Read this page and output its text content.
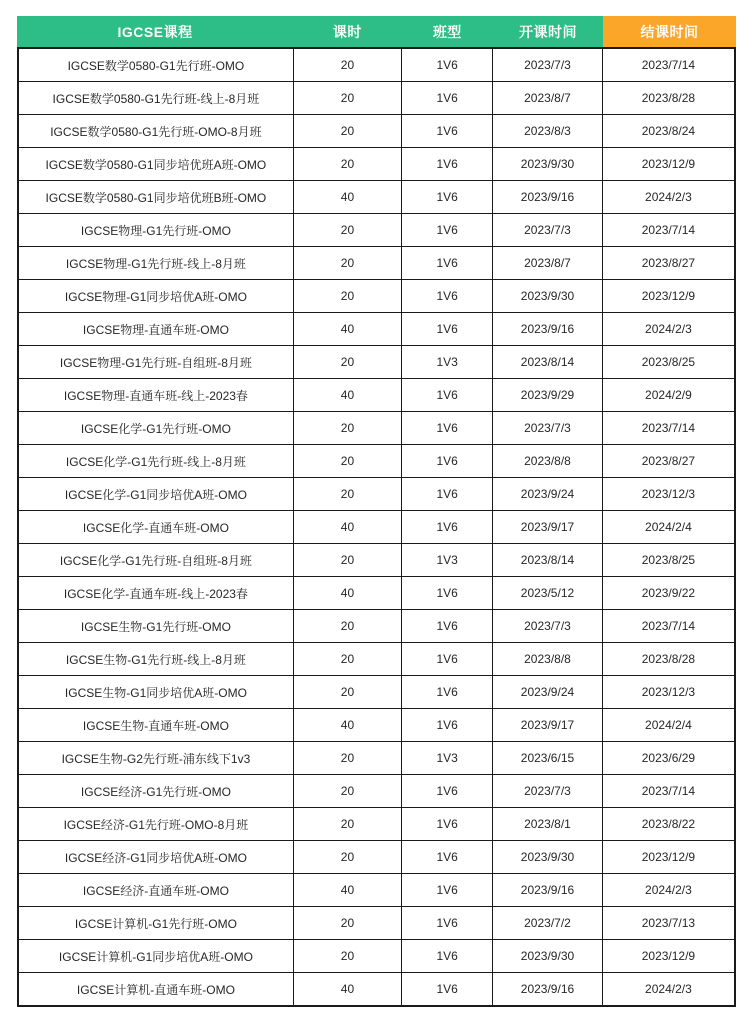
IGCSE课程	课时	班型	开课时间	结课时间
IGCSE数学0580-G1先行班-OMO	20	1V6	2023/7/3	2023/7/14
IGCSE数学0580-G1先行班-线上-8月班	20	1V6	2023/8/7	2023/8/28
IGCSE数学0580-G1先行班-OMO-8月班	20	1V6	2023/8/3	2023/8/24
IGCSE数学0580-G1同步培优班A班-OMO	20	1V6	2023/9/30	2023/12/9
IGCSE数学0580-G1同步培优班B班-OMO	40	1V6	2023/9/16	2024/2/3
IGCSE物理-G1先行班-OMO	20	1V6	2023/7/3	2023/7/14
IGCSE物理-G1先行班-线上-8月班	20	1V6	2023/8/7	2023/8/27
IGCSE物理-G1同步培优A班-OMO	20	1V6	2023/9/30	2023/12/9
IGCSE物理-直通车班-OMO	40	1V6	2023/9/16	2024/2/3
IGCSE物理-G1先行班-自组班-8月班	20	1V3	2023/8/14	2023/8/25
IGCSE物理-直通车班-线上-2023春	40	1V6	2023/9/29	2024/2/9
IGCSE化学-G1先行班-OMO	20	1V6	2023/7/3	2023/7/14
IGCSE化学-G1先行班-线上-8月班	20	1V6	2023/8/8	2023/8/27
IGCSE化学-G1同步培优A班-OMO	20	1V6	2023/9/24	2023/12/3
IGCSE化学-直通车班-OMO	40	1V6	2023/9/17	2024/2/4
IGCSE化学-G1先行班-自组班-8月班	20	1V3	2023/8/14	2023/8/25
IGCSE化学-直通车班-线上-2023春	40	1V6	2023/5/12	2023/9/22
IGCSE生物-G1先行班-OMO	20	1V6	2023/7/3	2023/7/14
IGCSE生物-G1先行班-线上-8月班	20	1V6	2023/8/8	2023/8/28
IGCSE生物-G1同步培优A班-OMO	20	1V6	2023/9/24	2023/12/3
IGCSE生物-直通车班-OMO	40	1V6	2023/9/17	2024/2/4
IGCSE生物-G2先行班-浦东线下1v3	20	1V3	2023/6/15	2023/6/29
IGCSE经济-G1先行班-OMO	20	1V6	2023/7/3	2023/7/14
IGCSE经济-G1先行班-OMO-8月班	20	1V6	2023/8/1	2023/8/22
IGCSE经济-G1同步培优A班-OMO	20	1V6	2023/9/30	2023/12/9
IGCSE经济-直通车班-OMO	40	1V6	2023/9/16	2024/2/3
IGCSE计算机-G1先行班-OMO	20	1V6	2023/7/2	2023/7/13
IGCSE计算机-G1同步培优A班-OMO	20	1V6	2023/9/30	2023/12/9
IGCSE计算机-直通车班-OMO	40	1V6	2023/9/16	2024/2/3
